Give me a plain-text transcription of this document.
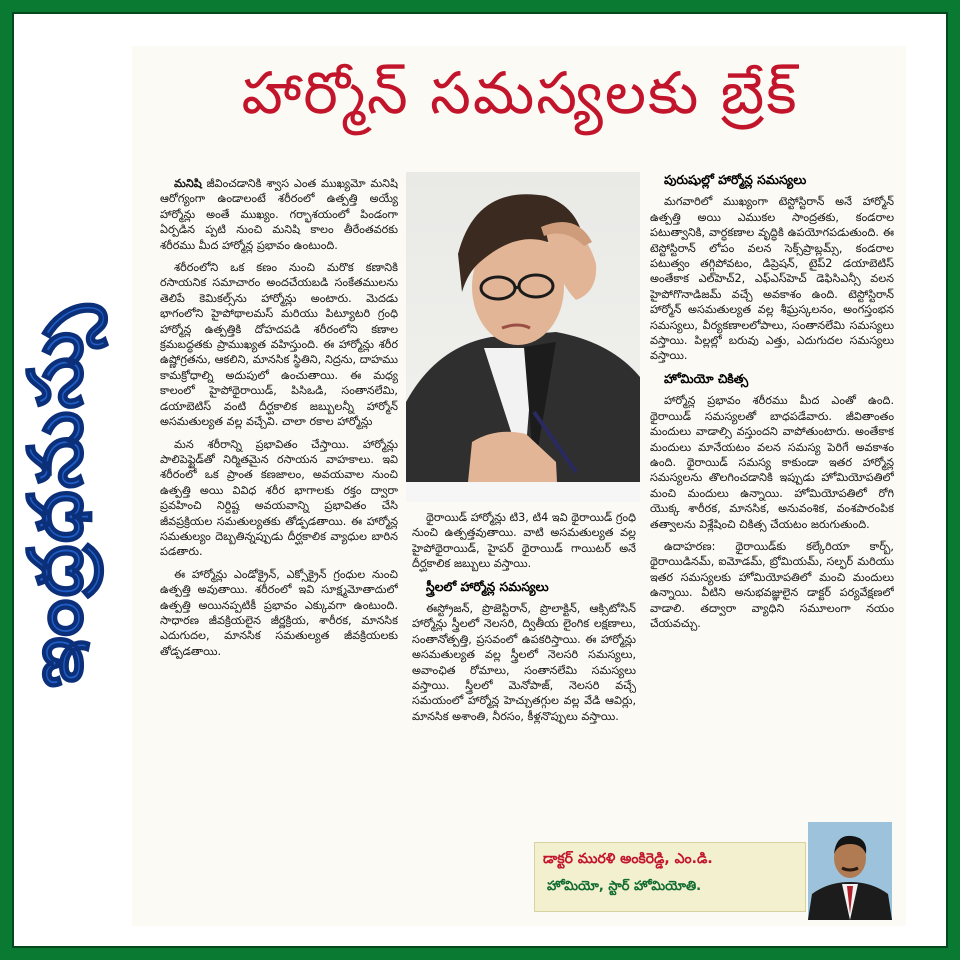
ఇంద్రధనుస్సు
హార్మోన్ సమస్యలకు బ్రేక్

మనిషి జీవించడానికి శ్వాస ఎంత ముఖ్యమో మనిషి ఆరోగ్యంగా ఉండాలంటే శరీరంలో ఉత్పత్తి అయ్యే హార్మోన్లు అంతే ముఖ్యం. గర్భాశయంలో పిండంగా ఏర్పడిన ప్పటి నుంచి మనిషి కాలం తీరేంతవరకు శరీరము మీద హార్మోన్ల ప్రభావం ఉంటుంది.

శరీరంలోని ఒక కణం నుంచి మరొక కణానికి రసాయనిక సమాచారం అందచేయబడి సంకేతములను తెలిపే కెమికల్స్‌ను హార్మోన్లు అంటారు. మెదడు భాగంలోని హైపోథాలమస్ మరియు పిట్యూటరి గ్రంధి హార్మోన్ల ఉత్పత్తికి దోహదపడి శరీరంలోని కణాల క్రమబద్ధతకు ప్రాముఖ్యత వహిస్తుంది. ఈ హార్మోన్లు శరీర ఉష్ణోగ్రతను, ఆకలిని, మానసిక స్థితిని, నిద్రను, దాహము కామక్రోధాల్ని అదుపులో ఉంచుతాయి. ఈ మధ్య కాలంలో హైపోథైరాయిడ్, పిసిఒడి, సంతానలేమి, డయాబెటిస్ వంటి దీర్ఘకాలిక జబ్బులన్నీ హార్మోన్ అసమతుల్యత వల్ల వచ్చేవి. చాలా రకాల హార్మోన్లు

మన శరీరాన్ని ప్రభావితం చేస్తాయి. హార్మోన్లు పాలిపెప్టైడ్‌తో నిర్మితమైన రసాయన వాహకాలు. ఇవి శరీరంలో ఒక ప్రాంత కణజాలం, అవయవాల నుంచి ఉత్పత్తి అయి వివిధ శరీర భాగాలకు రక్తం ద్వారా ప్రవహించి నిర్దిష్ట అవయవాన్ని ప్రభావితం చేసి జీవప్రక్రియల సమతుల్యతకు తోడ్పడతాయి. ఈ హార్మోన్ల సమతుల్యం దెబ్బతిన్నప్పుడు దీర్ఘకాలిక వ్యాధుల బారిన పడతారు.

ఈ హార్మోన్లు ఎండోక్రైన్, ఎక్సోక్రైన్ గ్రంధుల నుంచి ఉత్పత్తి అవుతాయి. శరీరంలో ఇవి సూక్ష్మమోతాదులో ఉత్పత్తి అయినప్పటికీ ప్రభావం ఎక్కువగా ఉంటుంది. సాధారణ జీవక్రియలైన జీర్ణక్రియ, శారీరక, మానసిక ఎదుగుదల, మానసిక సమతుల్యత జీవక్రియలకు తోడ్పడతాయి.

థైరాయిడ్ హార్మోన్లు టి3, టి4 ఇవి థైరాయిడ్ గ్రంధి నుంచి ఉత్పత్తవుతాయి. వాటి అసమతుల్యత వల్ల హైపోథైరాయిడ్, హైపర్ థైరాయిడ్ గాయిటర్ అనే దీర్ఘకాలిక జబ్బులు వస్తాయి.

స్త్రీలలో హార్మోన్ల సమస్యలు

ఈస్ట్రోజన్, ప్రొజెస్టిరాన్, ప్రొలాక్టిన్, ఆక్సిటోసిన్ హార్మోన్లు స్త్రీలలో నెలసరి, ద్వితీయ లైంగిక లక్షణాలు, సంతానోత్పత్తి, ప్రసవంలో ఉపకరిస్తాయి. ఈ హార్మోన్లు అసమతుల్యత వల్ల స్త్రీలలో నెలసరి సమస్యలు, అవాంఛిత రోమాలు, సంతానలేమి సమస్యలు వస్తాయి. స్త్రీలలో మెనోపాజ్, నెలసరి వచ్చే సమయంలో హార్మోన్ల హెచ్చుతగ్గుల వల్ల వేడి ఆవిర్లు, మానసిక అశాంతి, నీరసం, కీళ్లనొప్పులు వస్తాయి.

పురుషుల్లో హార్మోన్ల సమస్యలు

మగవారిలో ముఖ్యంగా టెస్టోస్టిరాన్ అనే హార్మోన్ ఉత్పత్తి అయి ఎముకల సాంద్రతకు, కండరాల పటుత్వానికి, వార్ధకణాల వృద్ధికి ఉపయోగపడుతుంది. ఈ టెస్టోస్టిరాన్ లోపం వలన సెక్స్‌ప్రాబ్లమ్స్, కండరాల పటుత్వం తగ్గిపోవటం, డిప్రెషన్, టైప్2 డయాబెటిస్ అంతేకాక ఎల్‌హెచ్2, ఎఫ్ఎస్‌హెచ్ డెఫిసిఎన్సీ వలన హైపోగొనాడిజమ్ వచ్చే అవకాశం ఉంది. టెస్టోస్టిరాన్ హార్మోన్ అసమతుల్యత వల్ల శీఘ్రస్కలనం, అంగస్తంభన సమస్యలు, వీర్యకణాలలోపాలు, సంతానలేమి సమస్యలు వస్తాయి. పిల్లల్లో బరువు ఎత్తు, ఎదుగుదల సమస్యలు వస్తాయి.

హోమియో చికిత్స

హార్మోన్ల ప్రభావం శరీరము మీద ఎంతో ఉంది. థైరాయిడ్ సమస్యలతో బాధపడేవారు. జీవితాంతం మందులు వాడాల్సి వస్తుందని వాపోతుంటారు. అంతేకాక మందులు మానేయటం వలన సమస్య పెరిగే అవకాశం ఉంది. థైరాయిడ్ సమస్య కాకుండా ఇతర హార్మోన్ల సమస్యలను తొలగించడానికి ఇప్పుడు హోమియోపతిలో మంచి మందులు ఉన్నాయి. హోమియోపతిలో రోగి యొక్క శారీరక, మానసిక, అనువంశిక, వంశపారంపిక తత్వాలను విశ్లేషించి చికిత్స చేయటం జరుగుతుంది.

ఉదాహరణ: థైరాయిడ్‌కు కల్కేరియా కార్బ్, థైరాయిడినమ్, ఐమోడమ్, బ్రోమియమ్, సల్ఫర్ మరియు ఇతర సమస్యలకు హోమియోపతిలో మంచి మందులు ఉన్నాయి. వీటిని అనుభవజ్ఞులైన డాక్టర్ పర్యవేక్షణలో వాడాలి. తద్వారా వ్యాధిని సమూలంగా నయం చేయవచ్చు.

డాక్టర్ మురళి అంకిరెడ్డి, ఎం.డి.
హోమియో, స్టార్ హోమియోతి.
